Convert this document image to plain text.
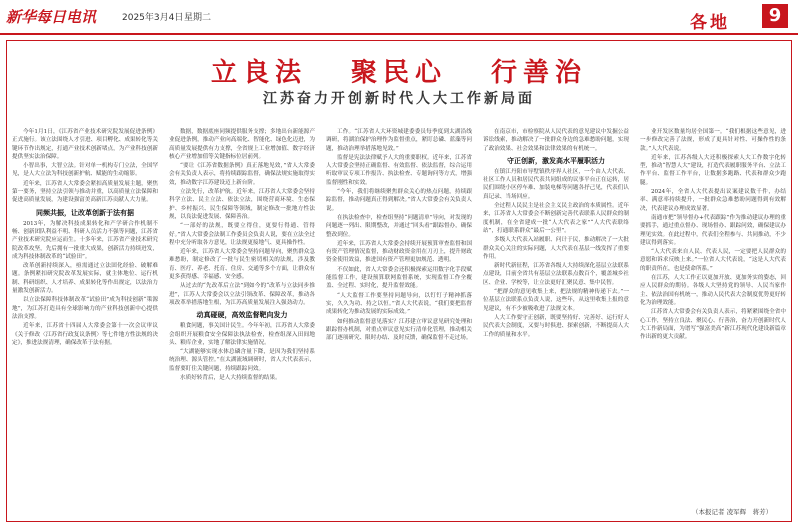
新华每日电讯	2025年3月4日 星期二	各地	9
立良法 聚民心 行善治
江苏奋力开创新时代人大工作新局面

今年1月1日，《江苏省产业技术研究院发展促进条例》正式施行。该立法围绕人才引进、项目孵化、成果转化等关键环节作出规定，打通产业技术创新堵点，为产业科技创新提供坚实法治保障。

小智出事，大智立法。针对单一机构专门立法，全国罕见，是人大立法为科技创新护航、赋能的生动缩影。

近年来，江苏省人大常委会紧扣高质量发展主题，聚焦第一要务，坚持立法引领与推动并重，以高质量立法保障和促进高质量发展，为建设强富美高新江苏贡献人大力量。

同频共振，让改革创新于法有据

2013年，为解决科技成果转化和产学研合作机制不畅、创新团队利益不明、科研人员活力不强等问题，江苏省产业技术研究院应运而生。十多年来，江苏省产业技术研究院改革攻坚，先后拥有一批重大成果，创新活力持续迸发，成为科技体制改革的“试验田”。

改革创新持续深入，亟需通过立法固化经验、破解难题。条例紧扣研究院改革发展实际，就主体地位、运行机制、科研组织、人才培养、成果转化等作出规定，以法治力量激发创新活力。

以立法保障科技体制改革“试验田”成为科技创新“策源地”，为江苏打造具有全球影响力的产业科技创新中心提供法治支撑。

近年来，江苏省十四届人大常委会第十一次会议审议《关于修改〈江苏省行政复议条例〉等七件地方性法规的决定》，推进法规清理，确保改革于法有据。

数据，数据底座同频提供服务支撑；多地出台新能源产业促进条例，推动产业向高端化、智能化、绿色化迈进，为高质量发展提供有力支撑，全省规上工业增加值、数字经济核心产业增加值等关键指标位居前列。

“要让《江苏省数据条例》真正落地见效，”省人大常委会有关负责人表示，将持续跟踪监督，确保法规实施取得实效，推动数字江苏建设迈上新台阶。

立法先行，改革护航。近年来，江苏省人大常委会坚持科学立法、民主立法、依法立法，围绕营商环境、生态保护、乡村振兴、民生保障等领域，制定修改一批地方性法规，以良法促进发展、保障善治。

“一部好的法规，既要立得住，更要行得通、管得好。”省人大常委会法制工作委员会负责人说，要在立法全过程中充分听取各方意见，让法规更接地气、更具操作性。

近年来，江苏省人大常委会坚持问题导向，聚焦群众急难愁盼，制定修改了一批与民生密切相关的法规，涉及教育、医疗、养老、托育、住房、交通等多个方面，让群众有更多获得感、幸福感、安全感。

从过去的“先改革后立法”到如今的“改革与立法同步推进”，江苏人大常委会以立法引领改革、保障改革，推动各项改革举措落地生根，为江苏高质量发展注入强劲动力。

动真碰硬，高效监督靶向发力

粮食问题，事关国计民生。今年年初，江苏省人大常委会组织开展粮食安全保障法执法检查，检查组深入田间地头、粮库企业，实地了解法律实施情况。

“大湖能够实现水体总磷含量下降，是因为我们坚持系统治理、源头管控。”在太湖流域调研时，省人大代表表示，监督要盯住关键问题，持续跟踪问效。

水质好转背后，是人大持续监督的结果。

工作。“江苏省人大环资城建委委员每季度到太湖沿线调研，将湖泊保护治理作为监督重点，紧盯总磷、蓝藻等问题，推动治理举措落地见效。”

监督是宪法法律赋予人大的重要职权。近年来，江苏省人大常委会坚持正确监督、有效监督、依法监督，综合运用听取审议专项工作报告、执法检查、专题询问等方式，增强监督刚性和实效。

“今年，我们将继续聚焦群众关心的热点问题，持续跟踪监督，推动问题真正得到解决。”省人大常委会有关负责人说。

在执法检查中，检查组坚持“问题清单”导向，对发现的问题逐一列出、限期整改，并通过“回头看”跟踪督办，确保整改到位。

近年来，江苏省人大常委会持续开展预算审查监督和国有资产管理情况监督，推动财政资金用在刀刃上，提升财政资金使用效益，推进国有资产管理更加规范、透明。

不仅如此，省人大常委会还积极探索运用数字化手段赋能监督工作，建设预算联网监督系统，实现监督工作全覆盖、全过程、实时化，提升监督效能。

“人大监督工作要坚持问题导向，以钉钉子精神抓落实，久久为功、持之以恒。”省人大代表说，“我们要把监督成果转化为推动发展的实际成效。”

如何推动监督意见落实？江苏建立审议意见研究处理和跟踪督办机制，对重点审议意见实行清单化管理，推动相关部门逐项研究、限时办结、及时反馈，确保监督不走过场。

在南京市，市检察院从人民代表的意见建议中发掘公益诉讼线索，推动解决了一批群众身边的急难愁盼问题，实现了政治效果、社会效果和法律效果的有机统一。

守正创新，激发高水平履职活力

在镇江丹阳市导墅镇秩序界人社区，一个由人大代表、社区工作人员和居民代表共同组成的议事平台正在运转，居民们围绕小区停车难、加装电梯等问题各抒己见，代表们认真记录、当场回应。

全过程人民民主是社会主义民主政治的本质属性。近年来，江苏省人大常委会不断创新完善代表联系人民群众的制度机制，在全省建成一批“人大代表之家”“人大代表联络站”，打通联系群众“最后一公里”。

多级人大代表入站履职、问计于民，推动解决了一大批群众关心关注的实际问题，人大代表在基层一线发挥了重要作用。

新时代新征程，江苏省各级人大持续深化基层立法联系点建设，目前全省共有基层立法联系点数百个，覆盖城乡社区、企业、学校等，让立法更好汇聚民意、集中民智。

“把群众的意见收集上来，把法规的精神传递下去。”一位基层立法联系点负责人说，这些年，从这里收集上报的意见建议，有不少被吸收进了法规文本。

人大工作要守正创新，既要坚持好、完善好、运行好人民代表大会制度，又要与时俱进、探索创新，不断提高人大工作的质量和水平。

业开发区数量均居全国第一。“我们根据这些意见，进一步修改完善了法规，形成了更具针对性、可操作性的条款。”人大代表说。

近年来，江苏各级人大还积极探索人大工作数字化转型，推动“智慧人大”建设，打造代表履职服务平台、立法工作平台、监督工作平台，让数据多跑路、代表和群众少跑腿。

2024年，全省人大代表提出议案建议数千件，办结率、满意率持续提升，一批群众急难愁盼问题得到有效解决，代表建议办理成效显著。

南通市把“领导督办+代表跟踪”作为推动建议办理的重要抓手，通过重点督办、现场督办、跟踪问效，确保建议办理见实效。在此过程中，代表们全程参与、共同推动，不少建议得到落实。

“人大代表来自人民、代表人民，一定要把人民群众的意愿和诉求反映上来。”一位省人大代表说，“这是人大代表的职责所在，也是使命所系。”

在江苏，人大工作正以更加开放、更加务实的姿态，回应人民群众的期待。各级人大坚持党的领导、人民当家作主、依法治国有机统一，推动人民代表大会制度优势更好转化为治理效能。

江苏省人大常委会有关负责人表示，将紧紧围绕全省中心工作，坚持立良法、聚民心、行善治，奋力开创新时代人大工作新局面，为谱写“强富美高”新江苏现代化建设新篇章作出新的更大贡献。

（本报记者 凌军辉　蒋芳）
